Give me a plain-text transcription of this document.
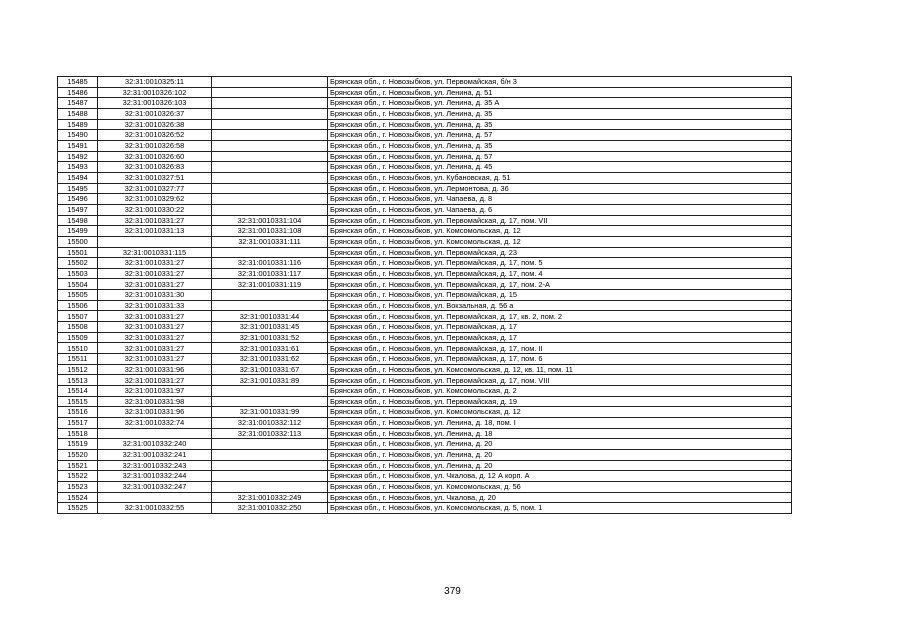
15485	32:31:0010325:11		Брянская обл., г. Новозыбков, ул. Первомайская, б/н 3
15486	32:31:0010326:102		Брянская обл., г. Новозыбков, ул. Ленина, д. 51
15487	32:31:0010326:103		Брянская обл., г. Новозыбков, ул. Ленина, д. 35 А
15488	32:31:0010326:37		Брянская обл., г. Новозыбков, ул. Ленина, д. 35
15489	32:31:0010326:38		Брянская обл., г. Новозыбков, ул. Ленина, д. 35
15490	32:31:0010326:52		Брянская обл., г. Новозыбков, ул. Ленина, д. 57
15491	32:31:0010326:58		Брянская обл., г. Новозыбков, ул. Ленина, д. 35
15492	32:31:0010326:60		Брянская обл., г. Новозыбков, ул. Ленина, д. 57
15493	32:31:0010326:83		Брянская обл., г. Новозыбков, ул. Ленина, д. 45
15494	32:31:0010327:51		Брянская обл., г. Новозыбков, ул. Кубановская, д. 51
15495	32:31:0010327:77		Брянская обл., г. Новозыбков, ул. Лермонтова, д. 36
15496	32:31:0010329:62		Брянская обл., г. Новозыбков, ул. Чапаева, д. 8
15497	32:31:0010330:22		Брянская обл., г. Новозыбков, ул. Чапаева, д. 6
15498	32:31:0010331:27	32:31:0010331:104	Брянская обл., г. Новозыбков, ул. Первомайская, д. 17, пом. VII
15499	32:31:0010331:13	32:31:0010331:108	Брянская обл., г. Новозыбков, ул. Комсомольская, д. 12
15500		32:31:0010331:111	Брянская обл., г. Новозыбков, ул. Комсомольская, д. 12
15501	32:31:0010331:115		Брянская обл., г. Новозыбков, ул. Первомайская, д. 23
15502	32:31:0010331:27	32:31:0010331:116	Брянская обл., г. Новозыбков, ул. Первомайская, д. 17, пом. 5
15503	32:31:0010331:27	32:31:0010331:117	Брянская обл., г. Новозыбков, ул. Первомайская, д. 17, пом. 4
15504	32:31:0010331:27	32:31:0010331:119	Брянская обл., г. Новозыбков, ул. Первомайская, д. 17, пом. 2-А
15505	32:31:0010331:30		Брянская обл., г. Новозыбков, ул. Первомайская, д. 15
15506	32:31:0010331:33		Брянская обл., г. Новозыбков, ул. Вокзальная, д. 56 а
15507	32:31:0010331:27	32:31:0010331:44	Брянская обл., г. Новозыбков, ул. Первомайская, д. 17, кв. 2, пом. 2
15508	32:31:0010331:27	32:31:0010331:45	Брянская обл., г. Новозыбков, ул. Первомайская, д. 17
15509	32:31:0010331:27	32:31:0010331:52	Брянская обл., г. Новозыбков, ул. Первомайская, д. 17
15510	32:31:0010331:27	32:31:0010331:61	Брянская обл., г. Новозыбков, ул. Первомайская, д. 17, пом. II
15511	32:31:0010331:27	32:31:0010331:62	Брянская обл., г. Новозыбков, ул. Первомайская, д. 17, пом. 6
15512	32:31:0010331:96	32:31:0010331:67	Брянская обл., г. Новозыбков, ул. Комсомольская, д. 12, кв. 11, пом. 11
15513	32:31:0010331:27	32:31:0010331:89	Брянская обл., г. Новозыбков, ул. Первомайская, д. 17, пом. VIII
15514	32:31:0010331:97		Брянская обл., г. Новозыбков, ул. Комсомольская, д. 2
15515	32:31:0010331:98		Брянская обл., г. Новозыбков, ул. Первомайская, д. 19
15516	32:31:0010331:96	32:31:0010331:99	Брянская обл., г. Новозыбков, ул. Комсомольская, д. 12
15517	32:31:0010332:74	32:31:0010332:112	Брянская обл., г. Новозыбков, ул. Ленина, д. 18, пом. I
15518		32:31:0010332:113	Брянская обл., г. Новозыбков, ул. Ленина, д. 18
15519	32:31:0010332:240		Брянская обл., г. Новозыбков, ул. Ленина, д. 20
15520	32:31:0010332:241		Брянская обл., г. Новозыбков, ул. Ленина, д. 20
15521	32:31:0010332:243		Брянская обл., г. Новозыбков, ул. Ленина, д. 20
15522	32:31:0010332:244		Брянская обл., г. Новозыбков, ул. Чкалова, д. 12 А корп. А
15523	32:31:0010332:247		Брянская обл., г. Новозыбков, ул. Комсомольская, д. 56
15524		32:31:0010332:249	Брянская обл., г. Новозыбков, ул. Чкалова, д. 20
15525	32:31:0010332:55	32:31:0010332:250	Брянская обл., г. Новозыбков, ул. Комсомольская, д. 5, пом. 1
379
